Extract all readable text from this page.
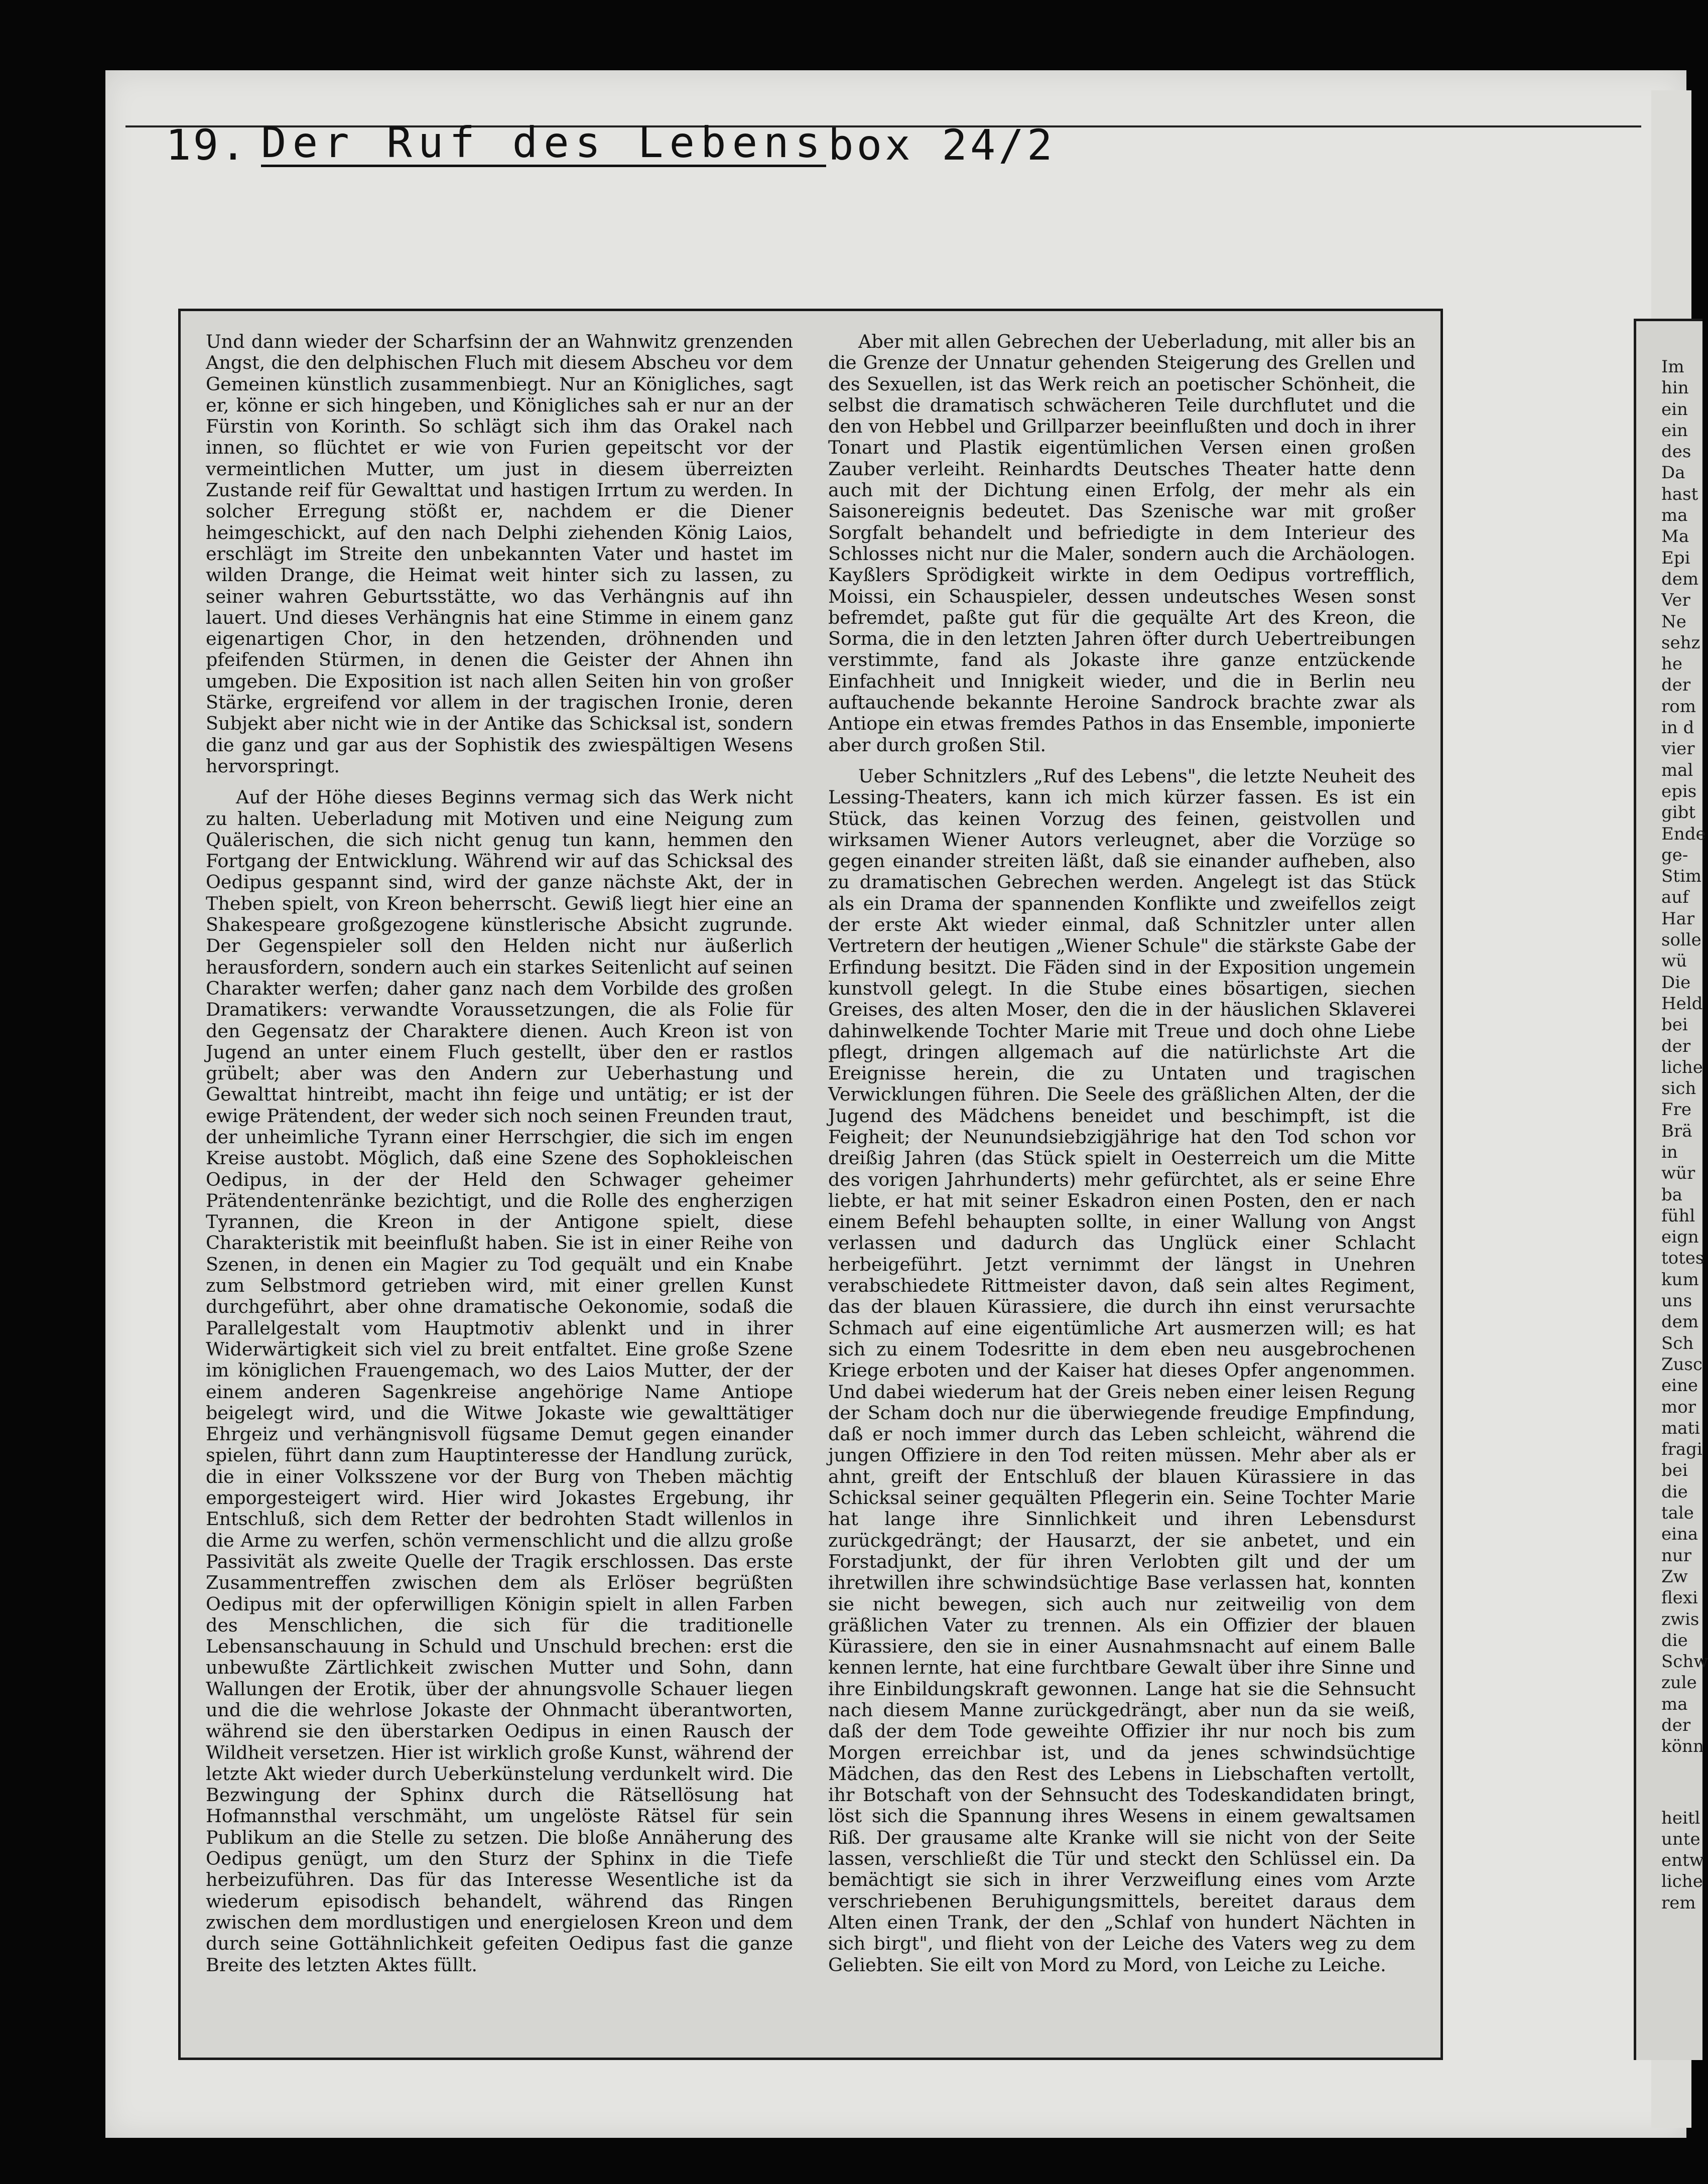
19. Der Ruf des Lebens box 24/2

Und dann wieder der Scharfsinn der an Wahnwitz grenzenden Angst, die den delphischen Fluch mit diesem Abscheu vor dem Gemeinen künstlich zusammenbiegt. Nur an Königliches, sagt er, könne er sich hingeben, und Königliches sah er nur an der Fürstin von Korinth. So schlägt sich ihm das Orakel nach innen, so flüchtet er wie von Furien gepeitscht vor der vermeintlichen Mutter, um just in diesem überreizten Zustande reif für Gewalttat und hastigen Irrtum zu werden. In solcher Erregung stößt er, nachdem er die Diener heimgeschickt, auf den nach Delphi ziehenden König Laios, erschlägt im Streite den unbekannten Vater und hastet im wilden Drange, die Heimat weit hinter sich zu lassen, zu seiner wahren Geburtsstätte, wo das Verhängnis auf ihn lauert. Und dieses Verhängnis hat eine Stimme in einem ganz eigenartigen Chor, in den hetzenden, dröhnenden und pfeifenden Stürmen, in denen die Geister der Ahnen ihn umgeben. Die Exposition ist nach allen Seiten hin von großer Stärke, ergreifend vor allem in der tragischen Ironie, deren Subjekt aber nicht wie in der Antike das Schicksal ist, sondern die ganz und gar aus der Sophistik des zwiespältigen Wesens hervorspringt.

Auf der Höhe dieses Beginns vermag sich das Werk nicht zu halten. Ueberladung mit Motiven und eine Neigung zum Quälerischen, die sich nicht genug tun kann, hemmen den Fortgang der Entwicklung. Während wir auf das Schicksal des Oedipus gespannt sind, wird der ganze nächste Akt, der in Theben spielt, von Kreon beherrscht. Gewiß liegt hier eine an Shakespeare großgezogene künstlerische Absicht zugrunde. Der Gegenspieler soll den Helden nicht nur äußerlich herausfordern, sondern auch ein starkes Seitenlicht auf seinen Charakter werfen; daher ganz nach dem Vorbilde des großen Dramatikers: verwandte Voraussetzungen, die als Folie für den Gegensatz der Charaktere dienen. Auch Kreon ist von Jugend an unter einem Fluch gestellt, über den er rastlos grübelt; aber was den Andern zur Ueberhastung und Gewalttat hintreibt, macht ihn feige und untätig; er ist der ewige Prätendent, der weder sich noch seinen Freunden traut, der unheimliche Tyrann einer Herrschgier, die sich im engen Kreise austobt. Möglich, daß eine Szene des Sophokleischen Oedipus, in der der Held den Schwager geheimer Prätendentenränke bezichtigt, und die Rolle des engherzigen Tyrannen, die Kreon in der Antigone spielt, diese Charakteristik mit beeinflußt haben. Sie ist in einer Reihe von Szenen, in denen ein Magier zu Tod gequält und ein Knabe zum Selbstmord getrieben wird, mit einer grellen Kunst durchgeführt, aber ohne dramatische Oekonomie, sodaß die Parallelgestalt vom Hauptmotiv ablenkt und in ihrer Widerwärtigkeit sich viel zu breit entfaltet. Eine große Szene im königlichen Frauengemach, wo des Laios Mutter, der der einem anderen Sagenkreise angehörige Name Antiope beigelegt wird, und die Witwe Jokaste wie gewalttätiger Ehrgeiz und verhängnisvoll fügsame Demut gegen einander spielen, führt dann zum Hauptinteresse der Handlung zurück, die in einer Volksszene vor der Burg von Theben mächtig emporgesteigert wird. Hier wird Jokastes Ergebung, ihr Entschluß, sich dem Retter der bedrohten Stadt willenlos in die Arme zu werfen, schön vermenschlicht und die allzu große Passivität als zweite Quelle der Tragik erschlossen. Das erste Zusammentreffen zwischen dem als Erlöser begrüßten Oedipus mit der opferwilligen Königin spielt in allen Farben des Menschlichen, die sich für die traditionelle Lebensanschauung in Schuld und Unschuld brechen: erst die unbewußte Zärtlichkeit zwischen Mutter und Sohn, dann Wallungen der Erotik, über der ahnungsvolle Schauer liegen und die die wehrlose Jokaste der Ohnmacht überantworten, während sie den überstarken Oedipus in einen Rausch der Wildheit versetzen. Hier ist wirklich große Kunst, während der letzte Akt wieder durch Ueberkünstelung verdunkelt wird. Die Bezwingung der Sphinx durch die Rätsellösung hat Hofmannsthal verschmäht, um ungelöste Rätsel für sein Publikum an die Stelle zu setzen. Die bloße Annäherung des Oedipus genügt, um den Sturz der Sphinx in die Tiefe herbeizuführen. Das für das Interesse Wesentliche ist da wiederum episodisch behandelt, während das Ringen zwischen dem mordlustigen und energielosen Kreon und dem durch seine Gottähnlichkeit gefeiten Oedipus fast die ganze Breite des letzten Aktes füllt.

Aber mit allen Gebrechen der Ueberladung, mit aller bis an die Grenze der Unnatur gehenden Steigerung des Grellen und des Sexuellen, ist das Werk reich an poetischer Schönheit, die selbst die dramatisch schwächeren Teile durchflutet und die den von Hebbel und Grillparzer beeinflußten und doch in ihrer Tonart und Plastik eigentümlichen Versen einen großen Zauber verleiht. Reinhardts Deutsches Theater hatte denn auch mit der Dichtung einen Erfolg, der mehr als ein Saisonereignis bedeutet. Das Szenische war mit großer Sorgfalt behandelt und befriedigte in dem Interieur des Schlosses nicht nur die Maler, sondern auch die Archäologen. Kayßlers Sprödigkeit wirkte in dem Oedipus vortrefflich, Moissi, ein Schauspieler, dessen undeutsches Wesen sonst befremdet, paßte gut für die gequälte Art des Kreon, die Sorma, die in den letzten Jahren öfter durch Uebertreibungen verstimmte, fand als Jokaste ihre ganze entzückende Einfachheit und Innigkeit wieder, und die in Berlin neu auftauchende bekannte Heroine Sandrock brachte zwar als Antiope ein etwas fremdes Pathos in das Ensemble, imponierte aber durch großen Stil.

Ueber Schnitzlers „Ruf des Lebens", die letzte Neuheit des Lessing-Theaters, kann ich mich kürzer fassen. Es ist ein Stück, das keinen Vorzug des feinen, geistvollen und wirksamen Wiener Autors verleugnet, aber die Vorzüge so gegen einander streiten läßt, daß sie einander aufheben, also zu dramatischen Gebrechen werden. Angelegt ist das Stück als ein Drama der spannenden Konflikte und zweifellos zeigt der erste Akt wieder einmal, daß Schnitzler unter allen Vertretern der heutigen „Wiener Schule" die stärkste Gabe der Erfindung besitzt. Die Fäden sind in der Exposition ungemein kunstvoll gelegt. In die Stube eines bösartigen, siechen Greises, des alten Moser, den die in der häuslichen Sklaverei dahinwelkende Tochter Marie mit Treue und doch ohne Liebe pflegt, dringen allgemach auf die natürlichste Art die Ereignisse herein, die zu Untaten und tragischen Verwicklungen führen. Die Seele des gräßlichen Alten, der die Jugend des Mädchens beneidet und beschimpft, ist die Feigheit; der Neunundsiebzigjährige hat den Tod schon vor dreißig Jahren (das Stück spielt in Oesterreich um die Mitte des vorigen Jahrhunderts) mehr gefürchtet, als er seine Ehre liebte, er hat mit seiner Eskadron einen Posten, den er nach einem Befehl behaupten sollte, in einer Wallung von Angst verlassen und dadurch das Unglück einer Schlacht herbeigeführt. Jetzt vernimmt der längst in Unehren verabschiedete Rittmeister davon, daß sein altes Regiment, das der blauen Kürassiere, die durch ihn einst verursachte Schmach auf eine eigentümliche Art ausmerzen will; es hat sich zu einem Todesritte in dem eben neu ausgebrochenen Kriege erboten und der Kaiser hat dieses Opfer angenommen. Und dabei wiederum hat der Greis neben einer leisen Regung der Scham doch nur die überwiegende freudige Empfindung, daß er noch immer durch das Leben schleicht, während die jungen Offiziere in den Tod reiten müssen. Mehr aber als er ahnt, greift der Entschluß der blauen Kürassiere in das Schicksal seiner gequälten Pflegerin ein. Seine Tochter Marie hat lange ihre Sinnlichkeit und ihren Lebensdurst zurückgedrängt; der Hausarzt, der sie anbetet, und ein Forstadjunkt, der für ihren Verlobten gilt und der um ihretwillen ihre schwindsüchtige Base verlassen hat, konnten sie nicht bewegen, sich auch nur zeitweilig von dem gräßlichen Vater zu trennen. Als ein Offizier der blauen Kürassiere, den sie in einer Ausnahmsnacht auf einem Balle kennen lernte, hat eine furchtbare Gewalt über ihre Sinne und ihre Einbildungskraft gewonnen. Lange hat sie die Sehnsucht nach diesem Manne zurückgedrängt, aber nun da sie weiß, daß der dem Tode geweihte Offizier ihr nur noch bis zum Morgen erreichbar ist, und da jenes schwindsüchtige Mädchen, das den Rest des Lebens in Liebschaften vertollt, ihr Botschaft von der Sehnsucht des Todeskandidaten bringt, löst sich die Spannung ihres Wesens in einem gewaltsamen Riß. Der grausame alte Kranke will sie nicht von der Seite lassen, verschließt die Tür und steckt den Schlüssel ein. Da bemächtigt sie sich in ihrer Verzweiflung eines vom Arzte verschriebenen Beruhigungsmittels, bereitet daraus dem Alten einen Trank, der den „Schlaf von hundert Nächten in sich birgt", und flieht von der Leiche des Vaters weg zu dem Geliebten. Sie eilt von Mord zu Mord, von Leiche zu Leiche.

Im
hin
ein
ein
des
Da
hast
ma
Ma
Epi
dem
Ver
Ne
sehz
he
der
rom
in d
vier
mal
epis
gibt
Ende
ge-
Stim
auf
Har
solle
wü
Die
Held
bei
der
liche
sich
Fre
Brä
in
wür
ba
fühl
eign
totes
kum
uns
dem
Sch
Zusc
eine
mor
mati
fragi
bei
die
tale
eina
nur
Zw
flexi
zwis
die
Schw
zule
ma
der
könn
heitl
unte
entw
liche
rem
